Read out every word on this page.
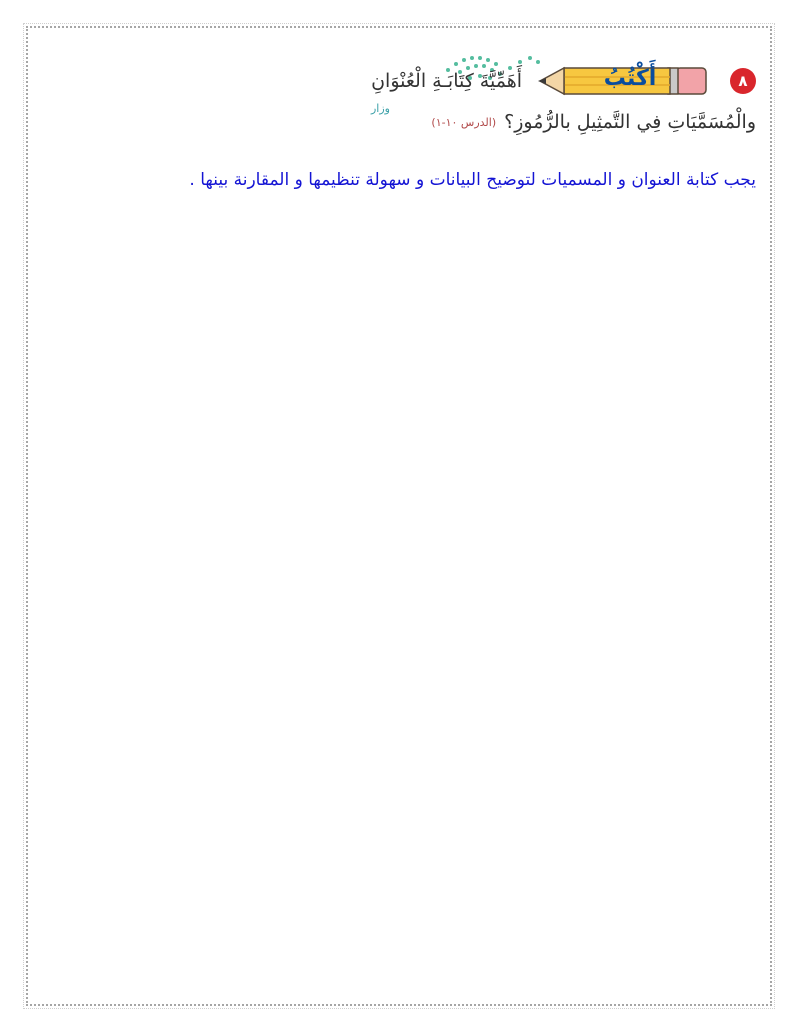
وزار
٨
أَكْتُبُ
أَهَمِّيَّةَ كِتَابَـةِ الْعُنْوَانِ
والْمُسَمَّيَاتِ فِي التَّمثِيلِ بالرُّمُوزِ؟
(الدرس ١٠-١)
يجب كتابة العنوان و المسميات لتوضيح البيانات و سهولة تنظيمها و المقارنة بينها .
